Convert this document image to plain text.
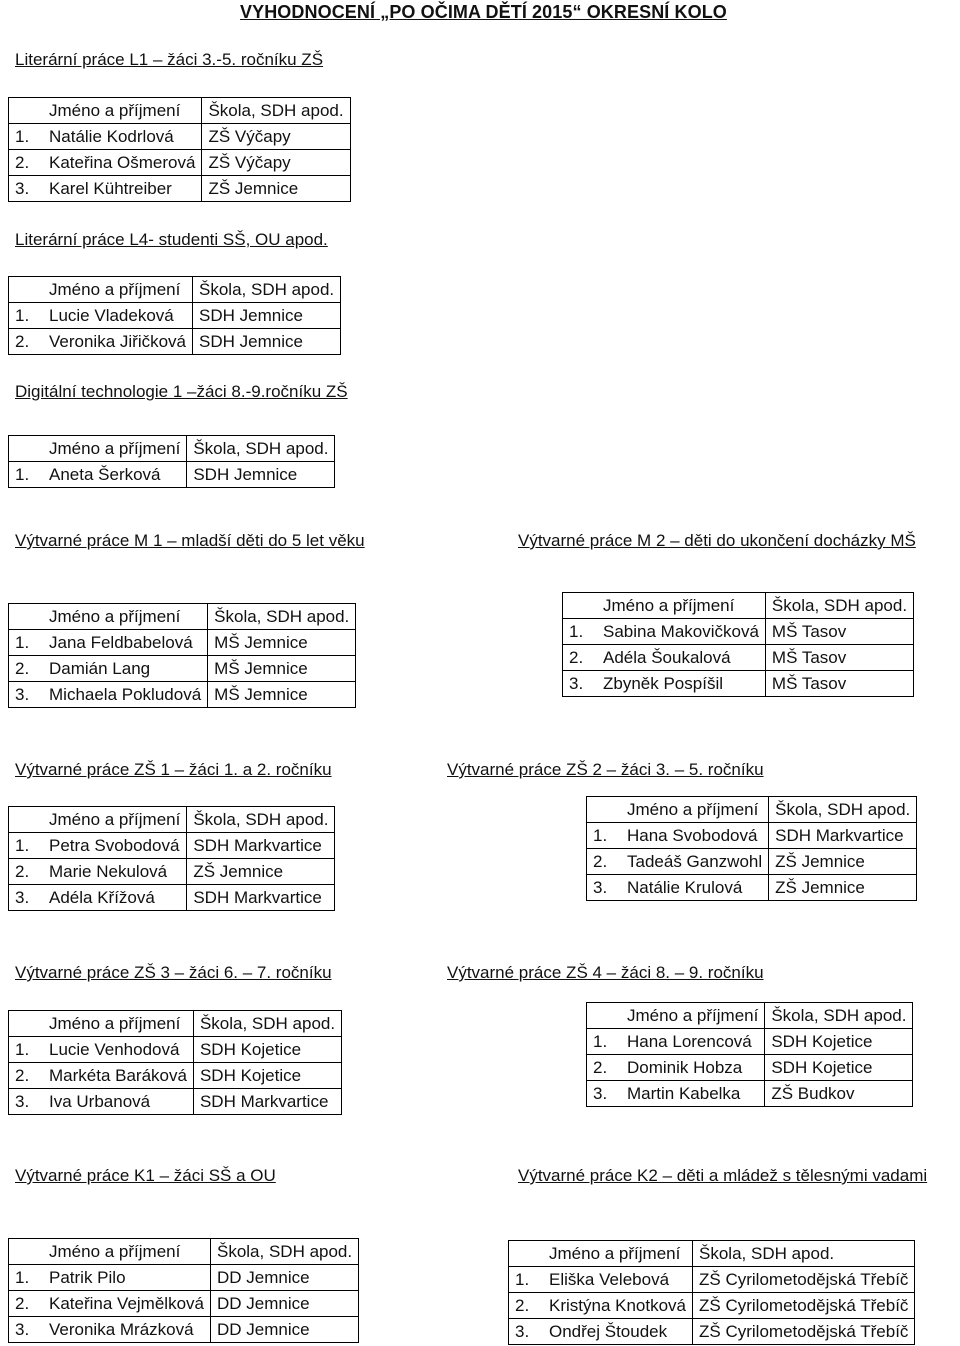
VYHODNOCENÍ „PO OČIMA DĚTÍ 2015“ OKRESNÍ KOLO
Literární práce L1 – žáci 3.-5. ročníku ZŠ
	Jméno a příjmení	Škola, SDH apod.
1.	Natálie Kodrlová	ZŠ Výčapy
2.	Kateřina Ošmerová	ZŠ Výčapy
3.	Karel Kühtreiber	ZŠ Jemnice
Literární práce L4- studenti SŠ, OU apod.
	Jméno a příjmení	Škola, SDH apod.
1.	Lucie Vladeková	SDH Jemnice
2.	Veronika Jiřičková	SDH Jemnice
Digitální technologie 1 –žáci 8.-9.ročníku ZŠ
	Jméno a příjmení	Škola, SDH apod.
1.	Aneta Šerková	SDH Jemnice
Výtvarné práce M 1 – mladší děti do 5 let věku
	Jméno a příjmení	Škola, SDH apod.
1.	Jana Feldbabelová	MŠ Jemnice
2.	Damián Lang	MŠ Jemnice
3.	Michaela Pokludová	MŠ Jemnice
Výtvarné práce M 2 – děti do ukončení docházky MŠ
	Jméno a příjmení	Škola, SDH apod.
1.	Sabina Makovičková	MŠ Tasov
2.	Adéla Šoukalová	MŠ Tasov
3.	Zbyněk Pospíšil	MŠ Tasov
Výtvarné práce ZŠ 1 – žáci 1. a 2. ročníku
	Jméno a příjmení	Škola, SDH apod.
1.	Petra Svobodová	SDH Markvartice
2.	Marie Nekulová	ZŠ Jemnice
3.	Adéla Křížová	SDH Markvartice
Výtvarné práce ZŠ 2 – žáci 3. – 5. ročníku
	Jméno a příjmení	Škola, SDH apod.
1.	Hana Svobodová	SDH Markvartice
2.	Tadeáš Ganzwohl	ZŠ Jemnice
3.	Natálie Krulová	ZŠ Jemnice
Výtvarné práce ZŠ 3 – žáci 6. – 7. ročníku
	Jméno a příjmení	Škola, SDH apod.
1.	Lucie Venhodová	SDH Kojetice
2.	Markéta Baráková	SDH Kojetice
3.	Iva Urbanová	SDH Markvartice
Výtvarné práce ZŠ 4 – žáci 8. – 9. ročníku
	Jméno a příjmení	Škola, SDH apod.
1.	Hana Lorencová	SDH Kojetice
2.	Dominik Hobza	SDH Kojetice
3.	Martin Kabelka	ZŠ Budkov
Výtvarné práce K1 – žáci SŠ a OU
	Jméno a příjmení	Škola, SDH apod.
1.	Patrik Pilo	DD Jemnice
2.	Kateřina Vejmělková	DD Jemnice
3.	Veronika Mrázková	DD Jemnice
Výtvarné práce K2 – děti a mládež s tělesnými vadami
	Jméno a příjmení	Škola, SDH apod.
1.	Eliška Velebová	ZŠ Cyrilometodějská Třebíč
2.	Kristýna Knotková	ZŠ Cyrilometodějská Třebíč
3.	Ondřej Štoudek	ZŠ Cyrilometodějská Třebíč
